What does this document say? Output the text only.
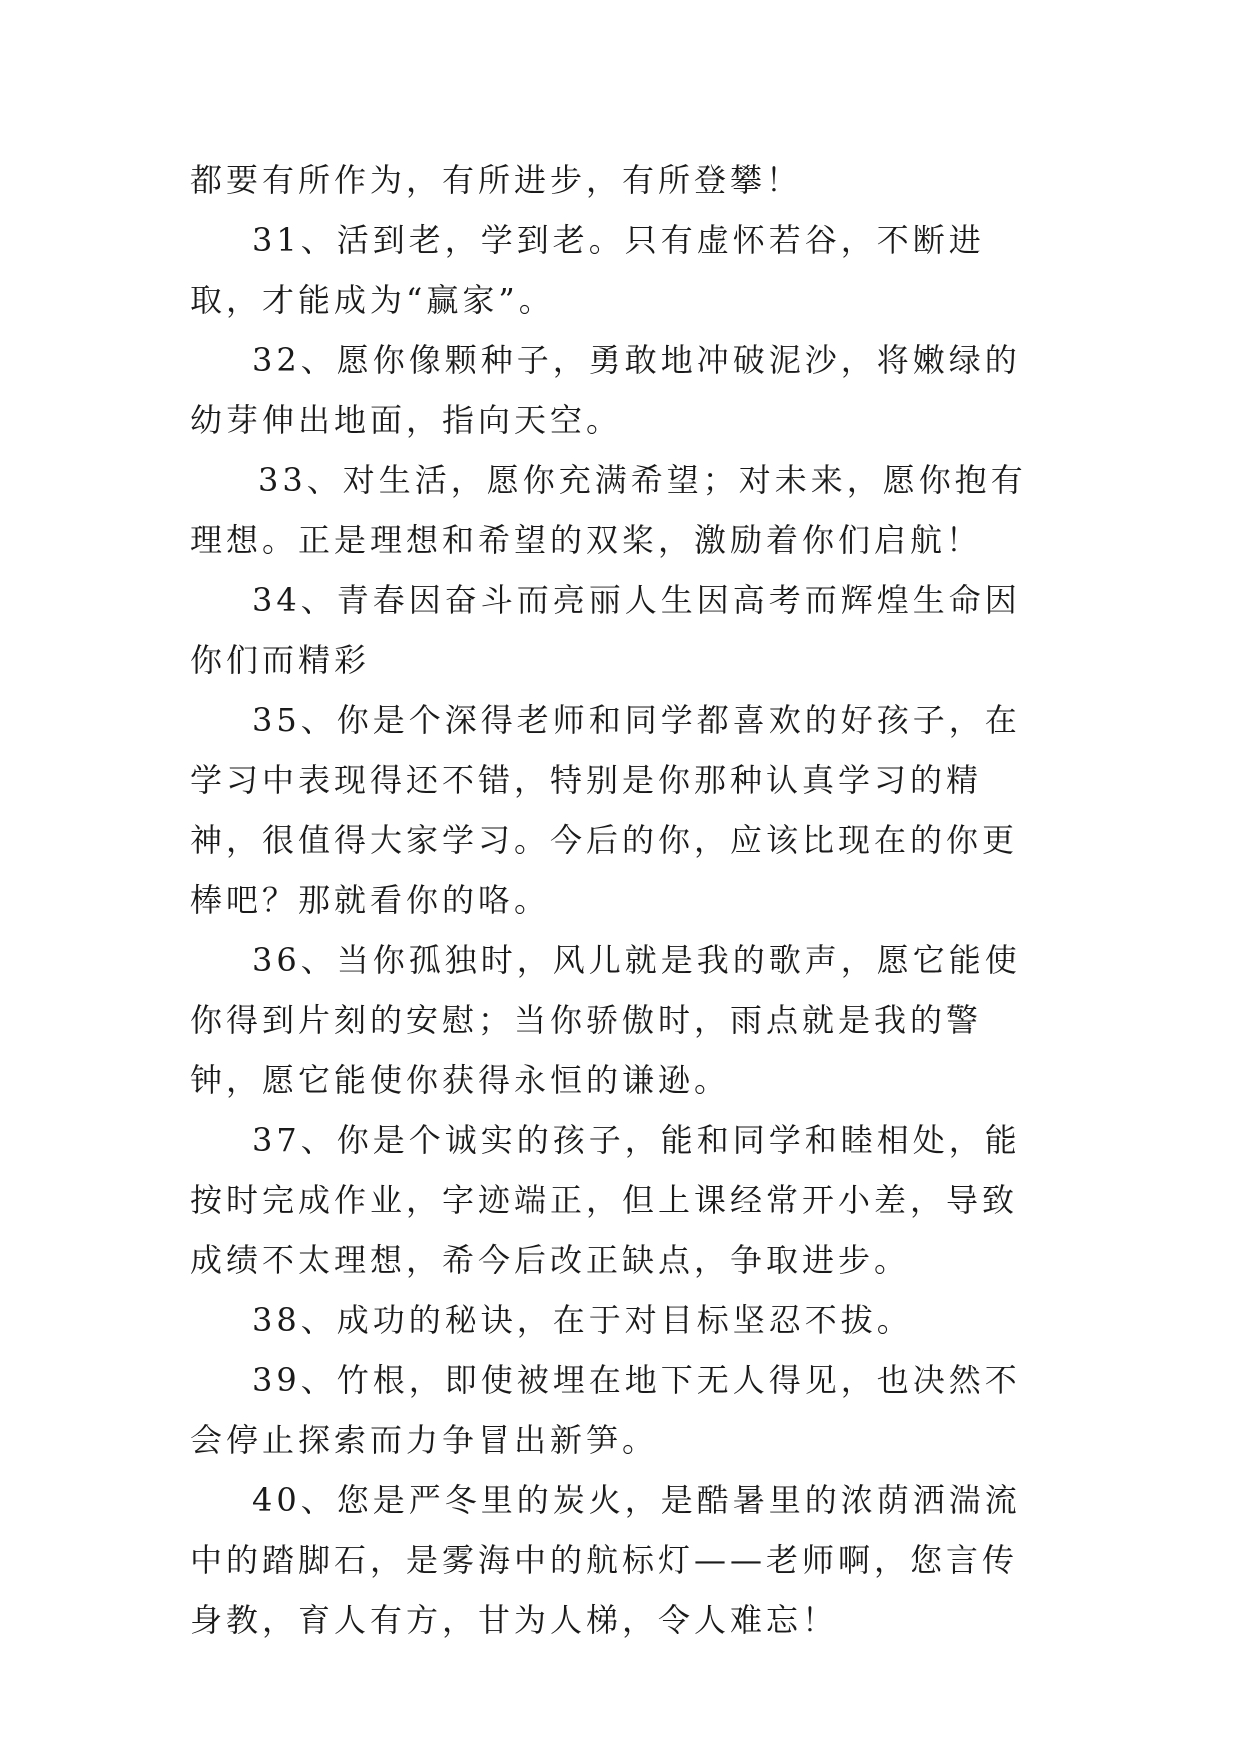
都要有所作为，有所进步，有所登攀！

31、活到老，学到老。只有虚怀若谷，不断进取，才能成为“赢家”。

32、愿你像颗种子，勇敢地冲破泥沙，将嫩绿的幼芽伸出地面，指向天空。

33、对生活，愿你充满希望；对未来，愿你抱有理想。正是理想和希望的双桨，激励着你们启航！

34、青春因奋斗而亮丽人生因高考而辉煌生命因你们而精彩

35、你是个深得老师和同学都喜欢的好孩子，在学习中表现得还不错，特别是你那种认真学习的精神，很值得大家学习。今后的你，应该比现在的你更棒吧？那就看你的咯。

36、当你孤独时，风儿就是我的歌声，愿它能使你得到片刻的安慰；当你骄傲时，雨点就是我的警钟，愿它能使你获得永恒的谦逊。

37、你是个诚实的孩子，能和同学和睦相处，能按时完成作业，字迹端正，但上课经常开小差，导致成绩不太理想，希今后改正缺点，争取进步。

38、成功的秘诀，在于对目标坚忍不拔。

39、竹根，即使被埋在地下无人得见，也决然不会停止探索而力争冒出新笋。

40、您是严冬里的炭火，是酷暑里的浓荫洒湍流中的踏脚石，是雾海中的航标灯——老师啊，您言传身教，育人有方，甘为人梯，令人难忘！
